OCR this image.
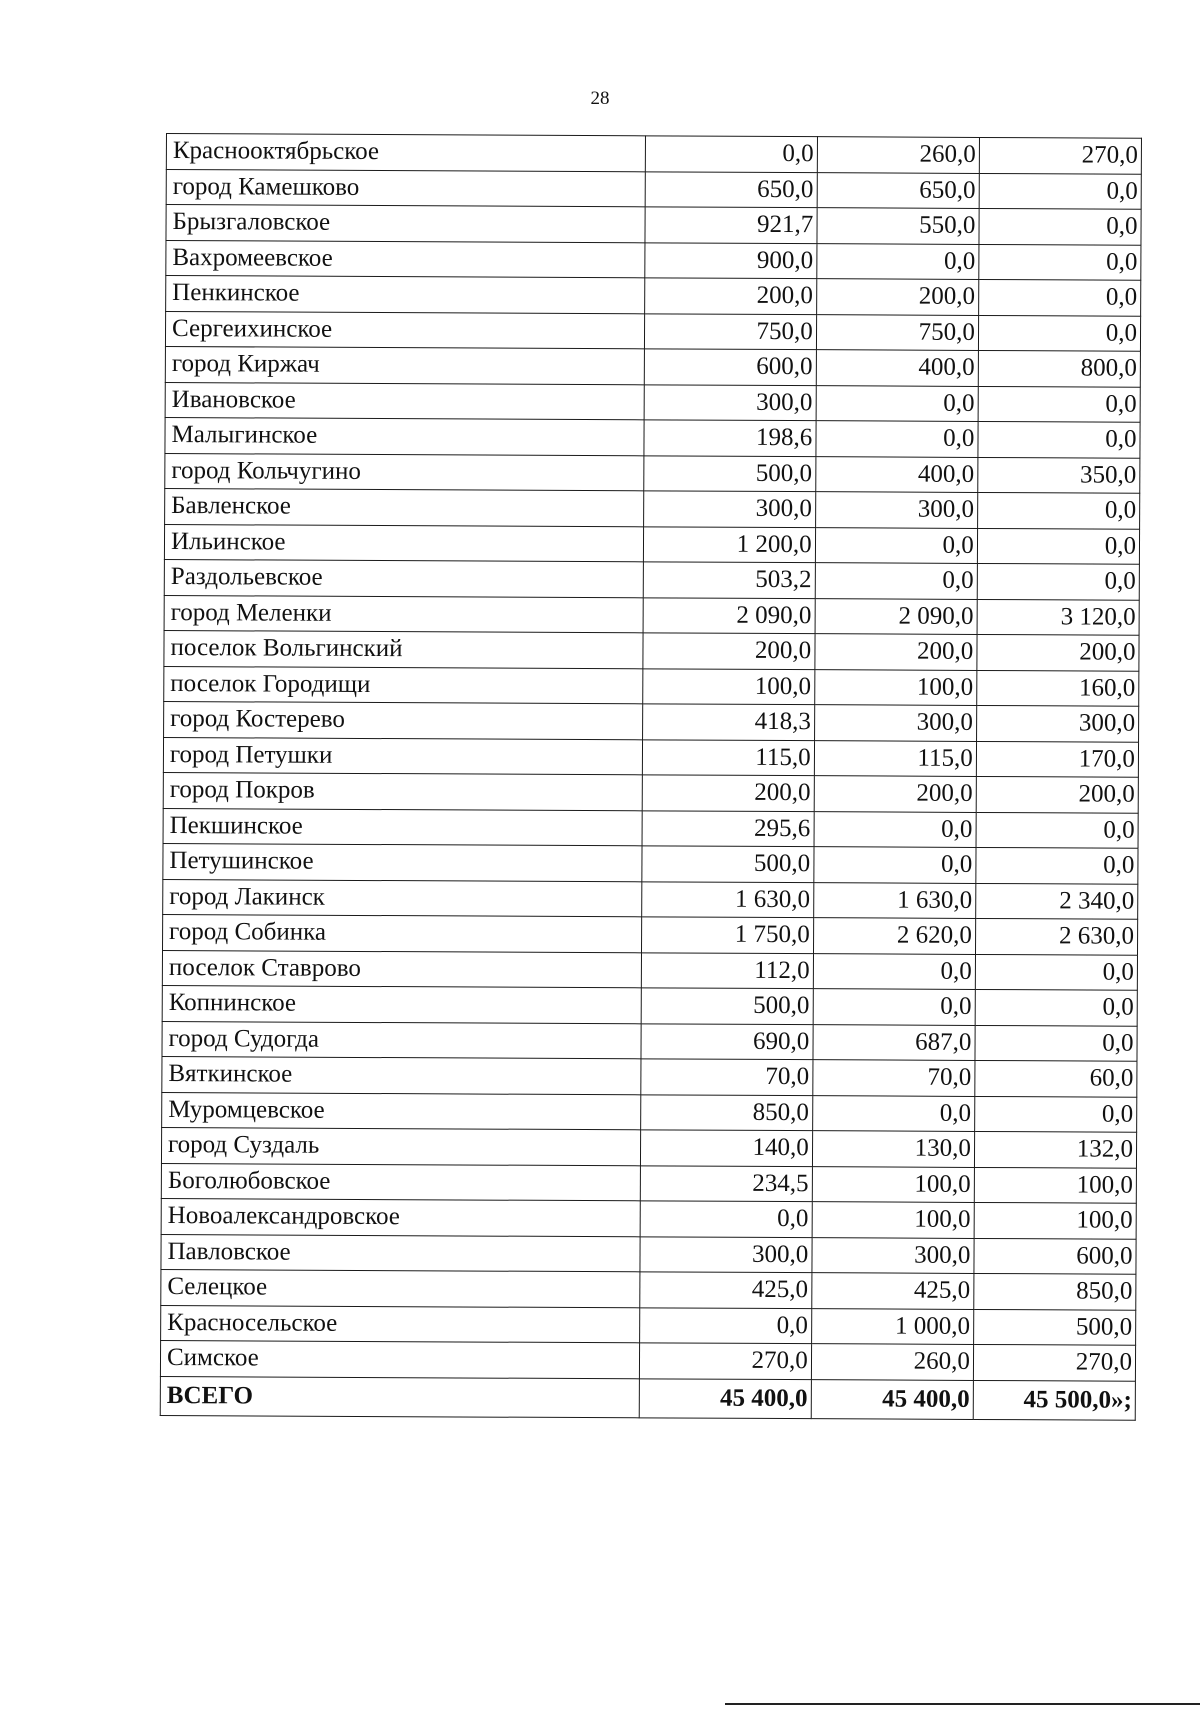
28
Краснооктябрьское	0,0	260,0	270,0
город Камешково	650,0	650,0	0,0
Брызгаловское	921,7	550,0	0,0
Вахромеевское	900,0	0,0	0,0
Пенкинское	200,0	200,0	0,0
Сергеихинское	750,0	750,0	0,0
город Киржач	600,0	400,0	800,0
Ивановское	300,0	0,0	0,0
Малыгинское	198,6	0,0	0,0
город Кольчугино	500,0	400,0	350,0
Бавленское	300,0	300,0	0,0
Ильинское	1 200,0	0,0	0,0
Раздольевское	503,2	0,0	0,0
город Меленки	2 090,0	2 090,0	3 120,0
поселок Вольгинский	200,0	200,0	200,0
поселок Городищи	100,0	100,0	160,0
город Костерево	418,3	300,0	300,0
город Петушки	115,0	115,0	170,0
город Покров	200,0	200,0	200,0
Пекшинское	295,6	0,0	0,0
Петушинское	500,0	0,0	0,0
город Лакинск	1 630,0	1 630,0	2 340,0
город Собинка	1 750,0	2 620,0	2 630,0
поселок Ставрово	112,0	0,0	0,0
Копнинское	500,0	0,0	0,0
город Судогда	690,0	687,0	0,0
Вяткинское	70,0	70,0	60,0
Муромцевское	850,0	0,0	0,0
город Суздаль	140,0	130,0	132,0
Боголюбовское	234,5	100,0	100,0
Новоалександровское	0,0	100,0	100,0
Павловское	300,0	300,0	600,0
Селецкое	425,0	425,0	850,0
Красносельское	0,0	1 000,0	500,0
Симское	270,0	260,0	270,0
ВСЕГО	45 400,0	45 400,0	45 500,0»;
